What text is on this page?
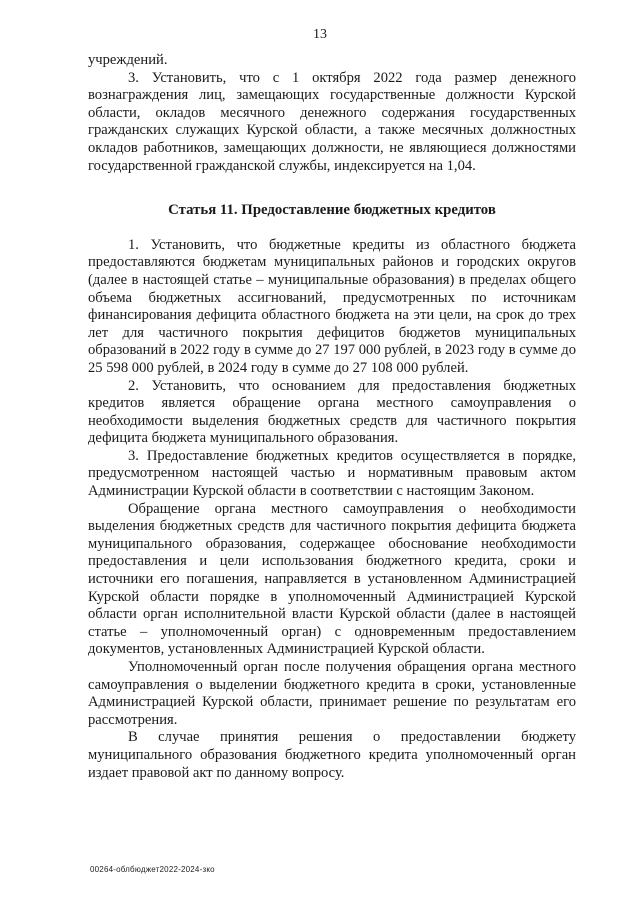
13

учреждений.

3. Установить, что с 1 октября 2022 года размер денежного вознаграждения лиц, замещающих государственные должности Курской области, окладов месячного денежного содержания государственных гражданских служащих Курской области, а также месячных должностных окладов работников, замещающих должности, не являющиеся должностями государственной гражданской службы, индексируется на 1,04.

Статья 11. Предоставление бюджетных кредитов

1. Установить, что бюджетные кредиты из областного бюджета предоставляются бюджетам муниципальных районов и городских округов (далее в настоящей статье – муниципальные образования) в пределах общего объема бюджетных ассигнований, предусмотренных по источникам финансирования дефицита областного бюджета на эти цели, на срок до трех лет для частичного покрытия дефицитов бюджетов муниципальных образований в 2022 году в сумме до 27 197 000 рублей, в 2023 году в сумме до 25 598 000 рублей, в 2024 году в сумме до 27 108 000 рублей.

2. Установить, что основанием для предоставления бюджетных кредитов является обращение органа местного самоуправления о необходимости выделения бюджетных средств для частичного покрытия дефицита бюджета муниципального образования.

3. Предоставление бюджетных кредитов осуществляется в порядке, предусмотренном настоящей частью и нормативным правовым актом Администрации Курской области в соответствии с настоящим Законом.

Обращение органа местного самоуправления о необходимости выделения бюджетных средств для частичного покрытия дефицита бюджета муниципального образования, содержащее обоснование необходимости предоставления и цели использования бюджетного кредита, сроки и источники его погашения, направляется в установленном Администрацией Курской области порядке в уполномоченный Администрацией Курской области орган исполнительной власти Курской области (далее в настоящей статье – уполномоченный орган) с одновременным предоставлением документов, установленных Администрацией Курской области.

Уполномоченный орган после получения обращения органа местного самоуправления о выделении бюджетного кредита в сроки, установленные Администрацией Курской области, принимает решение по результатам его рассмотрения.

В случае принятия решения о предоставлении бюджету муниципального образования бюджетного кредита уполномоченный орган издает правовой акт по данному вопросу.

00264-облбюджет2022-2024-зко
